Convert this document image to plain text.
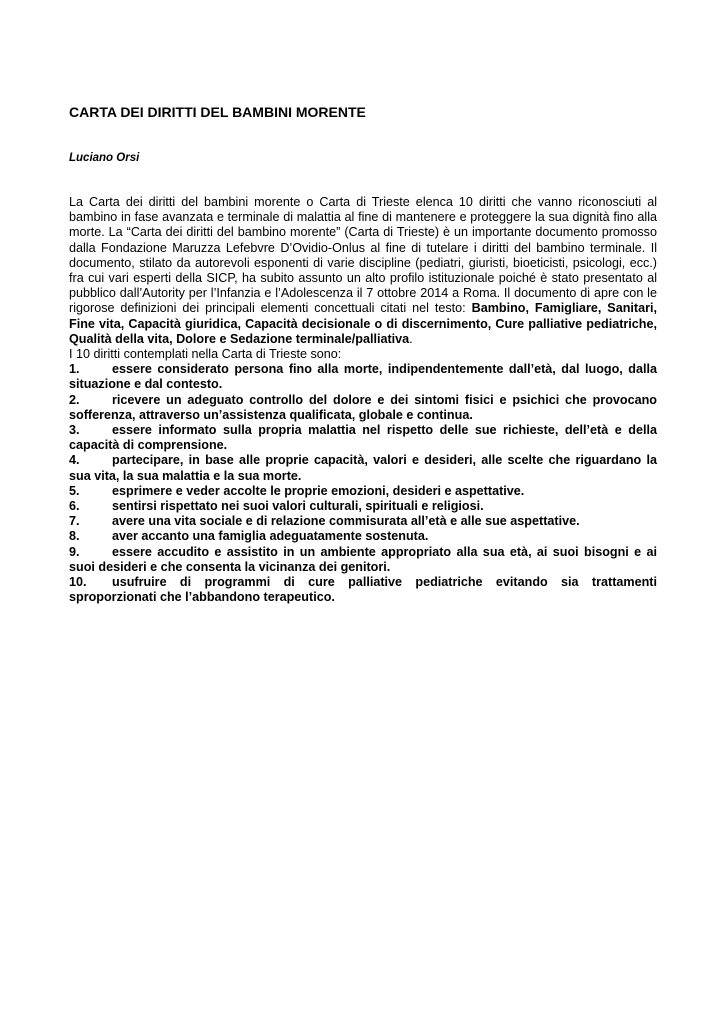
CARTA DEI DIRITTI DEL BAMBINI MORENTE

Luciano Orsi

La Carta dei diritti del bambini morente o Carta di Trieste elenca 10 diritti che vanno riconosciuti al bambino in fase avanzata e terminale di malattia al fine di mantenere e proteggere la sua dignità fino alla morte. La “Carta dei diritti del bambino morente” (Carta di Trieste) è un importante documento promosso dalla Fondazione Maruzza Lefebvre D’Ovidio-Onlus al fine di tutelare i diritti del bambino terminale. Il documento, stilato da autorevoli esponenti di varie discipline (pediatri, giuristi, bioeticisti, psicologi, ecc.) fra cui vari esperti della SICP, ha subito assunto un alto profilo istituzionale poiché è stato presentato al pubblico dall’Autority per l’Infanzia e l’Adolescenza il 7 ottobre 2014 a Roma. Il documento di apre con le rigorose definizioni dei principali elementi concettuali citati nel testo: Bambino, Famigliare, Sanitari, Fine vita, Capacità giuridica, Capacità decisionale o di discernimento, Cure palliative pediatriche, Qualità della vita, Dolore e Sedazione terminale/palliativa.

I 10 diritti contemplati nella Carta di Trieste sono:

1.	essere considerato persona fino alla morte, indipendentemente dall’età, dal luogo, dalla situazione e dal contesto.
2.	ricevere un adeguato controllo del dolore e dei sintomi fisici e psichici che provocano sofferenza, attraverso un’assistenza qualificata, globale e continua.
3.	essere informato sulla propria malattia nel rispetto delle sue richieste, dell’età e della capacità di comprensione.
4.	partecipare, in base alle proprie capacità, valori e desideri, alle scelte che riguardano la sua vita, la sua malattia e la sua morte.
5.	esprimere e veder accolte le proprie emozioni, desideri e aspettative.
6.	sentirsi rispettato nei suoi valori culturali, spirituali e religiosi.
7.	avere una vita sociale e di relazione commisurata all’età e alle sue aspettative.
8.	aver accanto una famiglia adeguatamente sostenuta.
9.	essere accudito e assistito in un ambiente appropriato alla sua età, ai suoi bisogni e ai suoi desideri e che consenta la vicinanza dei genitori.
10. usufruire di programmi di cure palliative pediatriche evitando sia trattamenti sproporzionati che l’abbandono terapeutico.
